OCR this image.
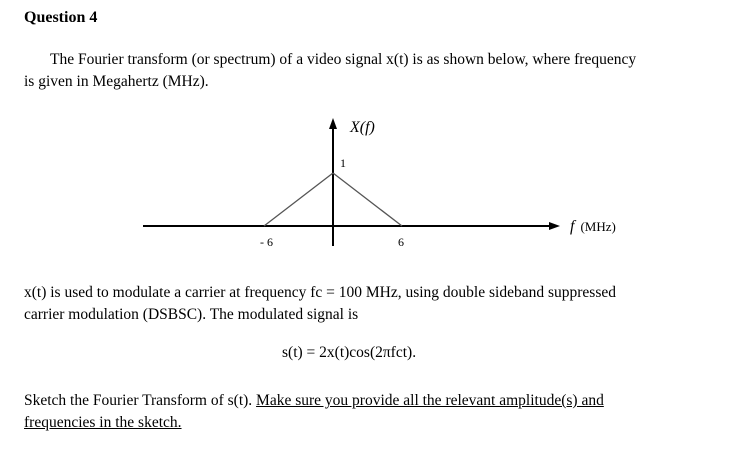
Question 4
The Fourier transform (or spectrum) of a video signal x(t) is as shown below, where frequency
is given in Megahertz (MHz).
X(f)
1
- 6	6
f (MHz)
x(t) is used to modulate a carrier at frequency fc = 100 MHz, using double sideband suppressed
carrier modulation (DSBSC). The modulated signal is
s(t) = 2x(t)cos(2πfct).
Sketch the Fourier Transform of s(t). Make sure you provide all the relevant amplitude(s) and
frequencies in the sketch.
